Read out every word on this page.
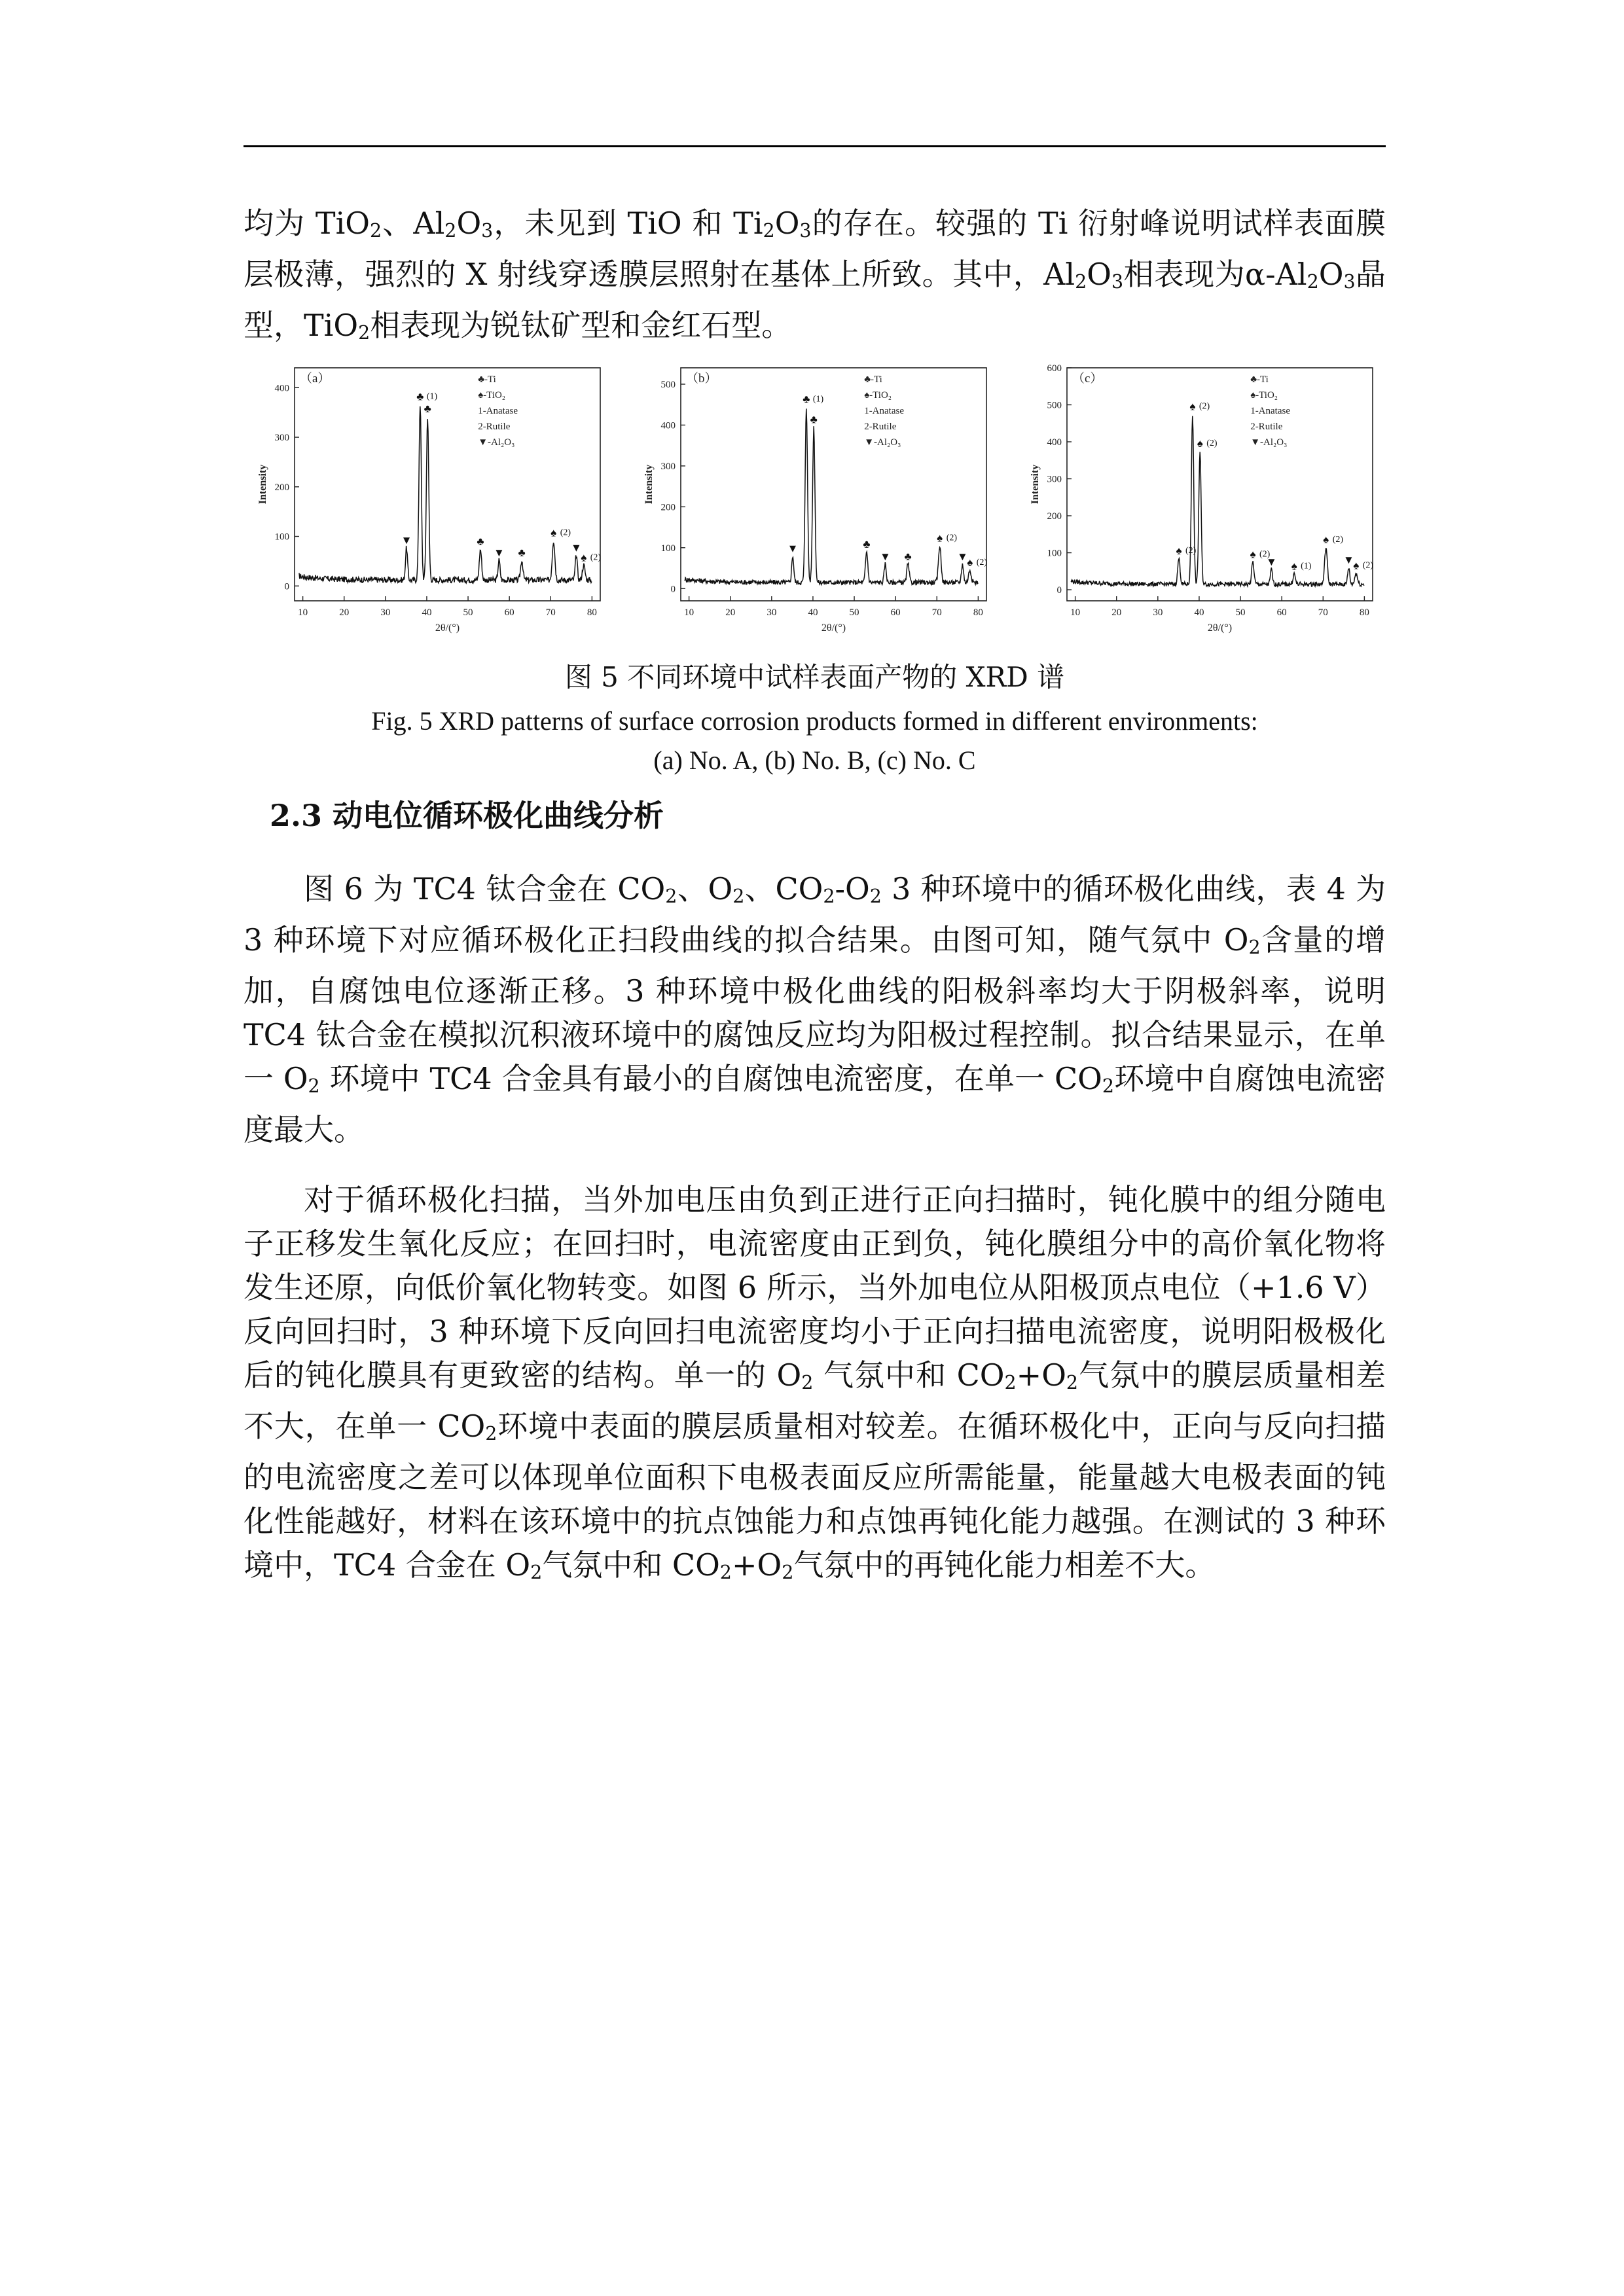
均为 TiO$_2$、$Al_2O_3$，未见到 TiO 和 $Ti_2O_3$的存在。较强的 Ti 衍射峰说明试样表面膜层极薄，强烈的 X 射线穿透膜层照射在基体上所致。其中，$Al_2O_3$相表现为$\alpha-Al_2O_3$晶型，TiO$_2$相表现为锐钛矿型和金红石型。

10	20	30	40	50	60	70	80
0
100
200
300
400
2θ/(°)
Intensity
（a）	♣-Ti
♠-TiO₂
1-Anatase
2-Rutile
▼-Al₂O₃
▼
♣ (1)
♣
♣
▼ ♣
♠ (2)
▼
♠ (2)
10	20	30	40	50	60	70	80
0
100
200
300
400
500
2θ/(°)
Intensity
（b）	♣-Ti
♠-TiO₂
1-Anatase
2-Rutile
▼-Al₂O₃
▼
♣ (1)
♣
♣
▼ ♣
♠ (2)
▼
♠ (2)
10	20	30	40	50	60	70	80
0
100
200
300
400
500
600
2θ/(°)
Intensity
（c）	♣-Ti
♠-TiO₂
1-Anatase
2-Rutile
▼-Al₂O₃
♠ (2)
♠ (2)
♠ (2)
♠ (2)
▼ ♠ (1)
♠ (2)
▼
♠ (2)
图 5 不同环境中试样表面产物的 XRD 谱
Fig. 5 XRD patterns of surface corrosion products formed in different environments:
(a) No. A, (b) No. B, (c) No. C
2.3 动电位循环极化曲线分析

图 6 为 TC4 钛合金在 $CO_2$、$O_2$、$CO_2-O_2$ 3 种环境中的循环极化曲线，表 4 为 3 种环境下对应循环极化正扫段曲线的拟合结果。由图可知，随气氛中 $O_2$含量的增加，自腐蚀电位逐渐正移。3 种环境中极化曲线的阳极斜率均大于阴极斜率，说明 TC4 钛合金在模拟沉积液环境中的腐蚀反应均为阳极过程控制。拟合结果显示，在单一 $O_2$ 环境中 TC4 合金具有最小的自腐蚀电流密度，在单一 $CO_2$环境中自腐蚀电流密度最大。

对于循环极化扫描，当外加电压由负到正进行正向扫描时，钝化膜中的组分随电子正移发生氧化反应；在回扫时，电流密度由正到负，钝化膜组分中的高价氧化物将发生还原，向低价氧化物转变。如图 6 所示，当外加电位从阳极顶点电位（+1.6 V）反向回扫时，3 种环境下反向回扫电流密度均小于正向扫描电流密度，说明阳极极化后的钝化膜具有更致密的结构。单一的 $O_2$ 气氛中和 $CO_2+O_2$气氛中的膜层质量相差不大，在单一 $CO_2$环境中表面的膜层质量相对较差。在循环极化中，正向与反向扫描的电流密度之差可以体现单位面积下电极表面反应所需能量，能量越大电极表面的钝化性能越好，材料在该环境中的抗点蚀能力和点蚀再钝化能力越强。在测试的 3 种环境中，TC4 合金在 $O_2$气氛中和 $CO_2+O_2$气氛中的再钝化能力相差不大。
